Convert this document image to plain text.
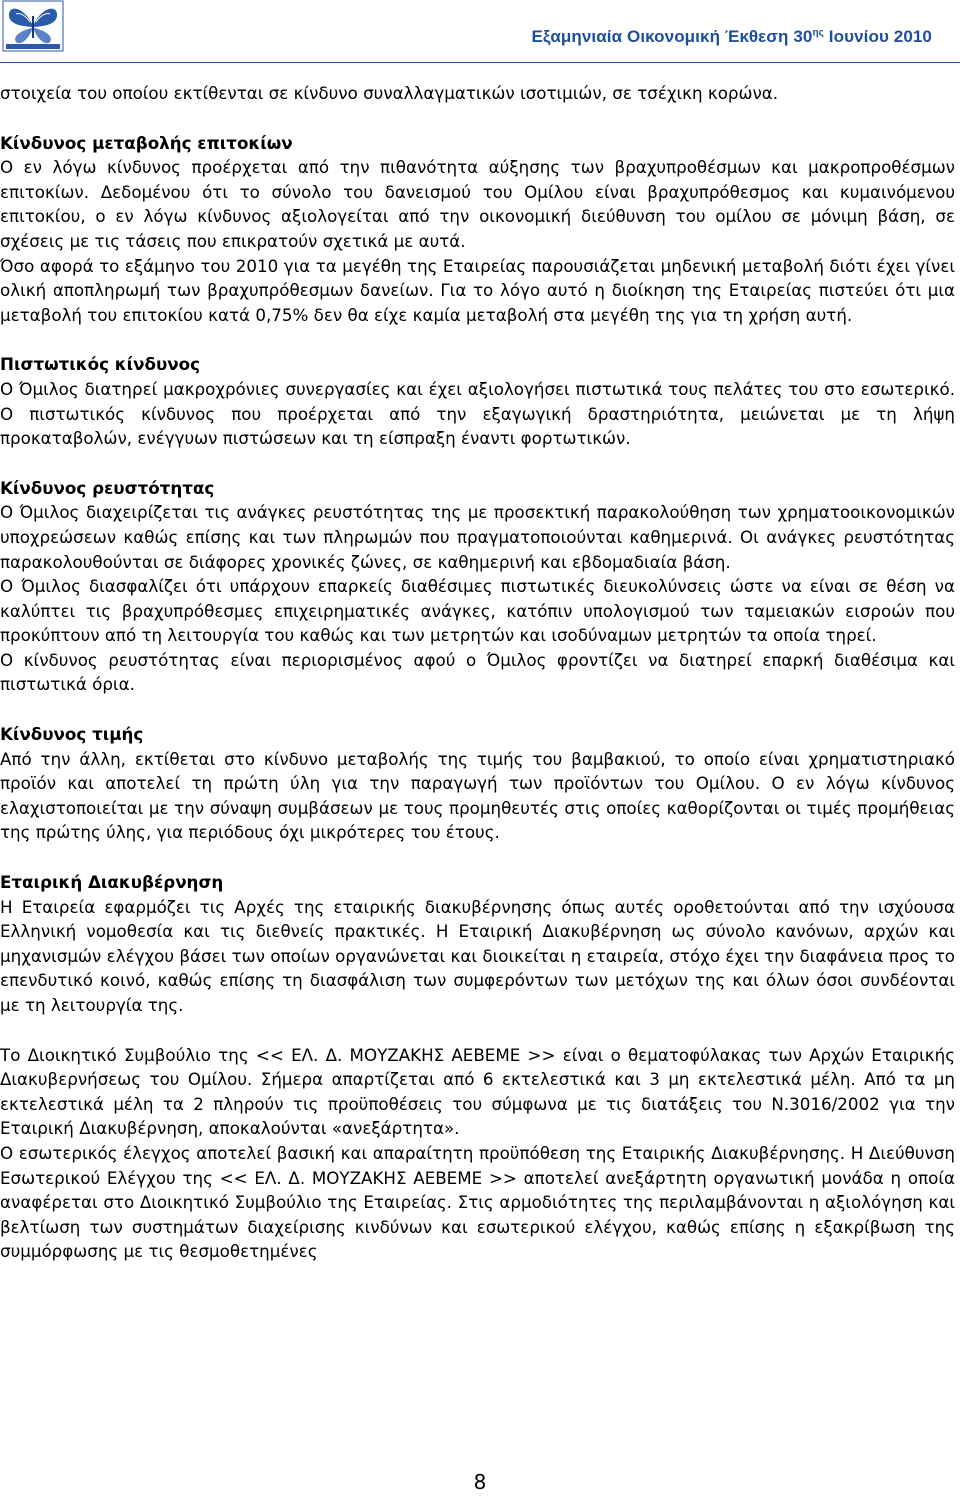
Εξαμηνιαία Οικονομική Έκθεση $30^{\eta\varsigma}$ Ιουνίου 2010

στοιχεία του οποίου εκτίθενται σε κίνδυνο συναλλαγματικών ισοτιμιών, σε τσέχικη κορώνα.

Κίνδυνος μεταβολής επιτοκίων

Ο εν λόγω κίνδυνος προέρχεται από την πιθανότητα αύξησης των βραχυπροθέσμων και μακροπροθέσμων επιτοκίων. Δεδομένου ότι το σύνολο του δανεισμού του Ομίλου είναι βραχυπρόθεσμος και κυμαινόμενου επιτοκίου, ο εν λόγω κίνδυνος αξιολογείται από την οικονομική διεύθυνση του ομίλου σε μόνιμη βάση, σε σχέσεις με τις τάσεις που επικρατούν σχετικά με αυτά.

Όσο αφορά το εξάμηνο του 2010 για τα μεγέθη της Εταιρείας παρουσιάζεται μηδενική μεταβολή διότι έχει γίνει ολική αποπληρωμή των βραχυπρόθεσμων δανείων. Για το λόγο αυτό η διοίκηση της Εταιρείας πιστεύει ότι μια μεταβολή του επιτοκίου κατά 0,75% δεν θα είχε καμία μεταβολή στα μεγέθη της για τη χρήση αυτή.

Πιστωτικός κίνδυνος

Ο Όμιλος διατηρεί μακροχρόνιες συνεργασίες και έχει αξιολογήσει πιστωτικά τους πελάτες του στο εσωτερικό. Ο πιστωτικός κίνδυνος που προέρχεται από την εξαγωγική δραστηριότητα, μειώνεται με τη λήψη προκαταβολών, ενέγγυων πιστώσεων και τη είσπραξη έναντι φορτωτικών.

Κίνδυνος ρευστότητας

Ο Όμιλος διαχειρίζεται τις ανάγκες ρευστότητας της με προσεκτική παρακολούθηση των χρηματοοικονομικών υποχρεώσεων καθώς επίσης και των πληρωμών που πραγματοποιούνται καθημερινά. Οι ανάγκες ρευστότητας παρακολουθούνται σε διάφορες χρονικές ζώνες, σε καθημερινή και εβδομαδιαία βάση.

Ο Όμιλος διασφαλίζει ότι υπάρχουν επαρκείς διαθέσιμες πιστωτικές διευκολύνσεις ώστε να είναι σε θέση να καλύπτει τις βραχυπρόθεσμες επιχειρηματικές ανάγκες, κατόπιν υπολογισμού των ταμειακών εισροών που προκύπτουν από τη λειτουργία του καθώς και των μετρητών και ισοδύναμων μετρητών τα οποία τηρεί.

Ο κίνδυνος ρευστότητας είναι περιορισμένος αφού ο Όμιλος φροντίζει να διατηρεί επαρκή διαθέσιμα και πιστωτικά όρια.

Κίνδυνος τιμής

Από την άλλη, εκτίθεται στο κίνδυνο μεταβολής της τιμής του βαμβακιού, το οποίο είναι χρηματιστηριακό προϊόν και αποτελεί τη πρώτη ύλη για την παραγωγή των προϊόντων του Ομίλου. Ο εν λόγω κίνδυνος ελαχιστοποιείται με την σύναψη συμβάσεων με τους προμηθευτές στις οποίες καθορίζονται οι τιμές προμήθειας της πρώτης ύλης, για περιόδους όχι μικρότερες του έτους.

Εταιρική Διακυβέρνηση

Η Εταιρεία εφαρμόζει τις Αρχές της εταιρικής διακυβέρνησης όπως αυτές οροθετούνται από την ισχύουσα Ελληνική νομοθεσία και τις διεθνείς πρακτικές. Η Εταιρική Διακυβέρνηση ως σύνολο κανόνων, αρχών και μηχανισμών ελέγχου βάσει των οποίων οργανώνεται και διοικείται η εταιρεία, στόχο έχει την διαφάνεια προς το επενδυτικό κοινό, καθώς επίσης τη διασφάλιση των συμφερόντων των μετόχων της και όλων όσοι συνδέονται με τη λειτουργία της.

Το Διοικητικό Συμβούλιο της << ΕΛ. Δ. ΜΟΥΖΑΚΗΣ ΑΕΒΕΜΕ >> είναι ο θεματοφύλακας των Αρχών Εταιρικής Διακυβερνήσεως του Ομίλου. Σήμερα απαρτίζεται από 6 εκτελεστικά και 3 μη εκτελεστικά μέλη. Από τα μη εκτελεστικά μέλη τα 2 πληρούν τις προϋποθέσεις του σύμφωνα με τις διατάξεις του Ν.3016/2002 για την Εταιρική Διακυβέρνηση, αποκαλούνται «ανεξάρτητα».

Ο εσωτερικός έλεγχος αποτελεί βασική και απαραίτητη προϋπόθεση της Εταιρικής Διακυβέρνησης. Η Διεύθυνση Εσωτερικού Ελέγχου της << ΕΛ. Δ. ΜΟΥΖΑΚΗΣ ΑΕΒΕΜΕ >> αποτελεί ανεξάρτητη οργανωτική μονάδα η οποία αναφέρεται στο Διοικητικό Συμβούλιο της Εταιρείας. Στις αρμοδιότητες της περιλαμβάνονται η αξιολόγηση και βελτίωση των συστημάτων διαχείρισης κινδύνων και εσωτερικού ελέγχου, καθώς επίσης η εξακρίβωση της συμμόρφωσης με τις θεσμοθετημένες

8
